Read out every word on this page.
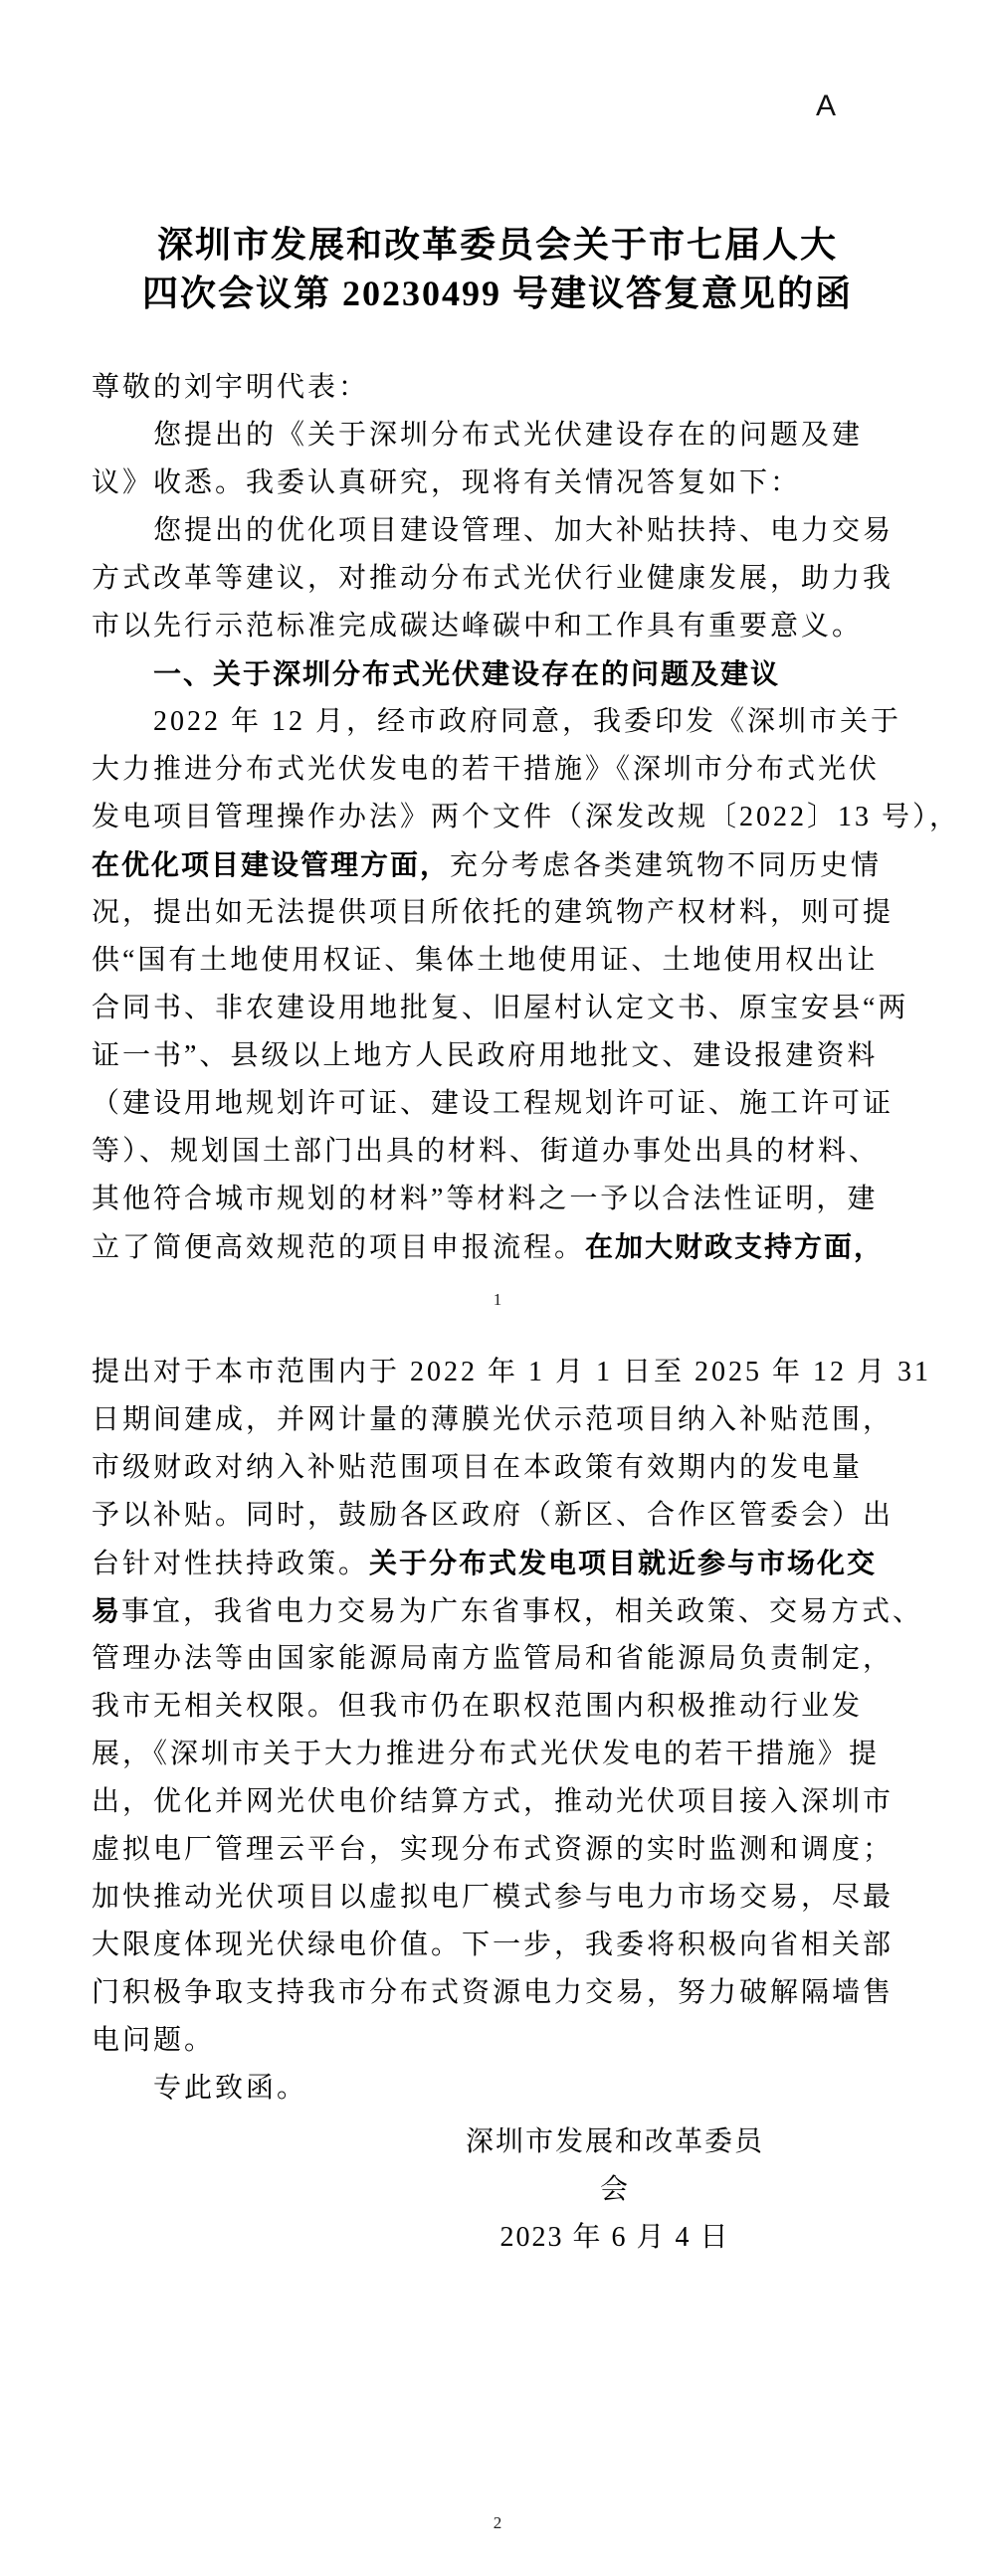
A
深圳市发展和改革委员会关于市七届人大
四次会议第 20230499 号建议答复意见的函
尊敬的刘宇明代表：
您提出的《关于深圳分布式光伏建设存在的问题及建
议》收悉。我委认真研究，现将有关情况答复如下：
您提出的优化项目建设管理、加大补贴扶持、电力交易
方式改革等建议，对推动分布式光伏行业健康发展，助力我
市以先行示范标准完成碳达峰碳中和工作具有重要意义。
一、关于深圳分布式光伏建设存在的问题及建议
2022 年 12 月，经市政府同意，我委印发《深圳市关于
大力推进分布式光伏发电的若干措施》《深圳市分布式光伏
发电项目管理操作办法》两个文件（深发改规〔2022〕13 号），
在优化项目建设管理方面，充分考虑各类建筑物不同历史情
况，提出如无法提供项目所依托的建筑物产权材料，则可提
供“国有土地使用权证、集体土地使用证、土地使用权出让
合同书、非农建设用地批复、旧屋村认定文书、原宝安县“两
证一书”、县级以上地方人民政府用地批文、建设报建资料
（建设用地规划许可证、建设工程规划许可证、施工许可证
等）、规划国土部门出具的材料、街道办事处出具的材料、
其他符合城市规划的材料”等材料之一予以合法性证明，建
立了简便高效规范的项目申报流程。在加大财政支持方面，
1
提出对于本市范围内于 2022 年 1 月 1 日至 2025 年 12 月 31
日期间建成，并网计量的薄膜光伏示范项目纳入补贴范围，
市级财政对纳入补贴范围项目在本政策有效期内的发电量
予以补贴。同时，鼓励各区政府（新区、合作区管委会）出
台针对性扶持政策。关于分布式发电项目就近参与市场化交
易事宜，我省电力交易为广东省事权，相关政策、交易方式、
管理办法等由国家能源局南方监管局和省能源局负责制定，
我市无相关权限。但我市仍在职权范围内积极推动行业发
展，《深圳市关于大力推进分布式光伏发电的若干措施》提
出，优化并网光伏电价结算方式，推动光伏项目接入深圳市
虚拟电厂管理云平台，实现分布式资源的实时监测和调度；
加快推动光伏项目以虚拟电厂模式参与电力市场交易，尽最
大限度体现光伏绿电价值。下一步，我委将积极向省相关部
门积极争取支持我市分布式资源电力交易，努力破解隔墙售
电问题。
专此致函。
深圳市发展和改革委员会
2023 年 6 月 4 日
2
